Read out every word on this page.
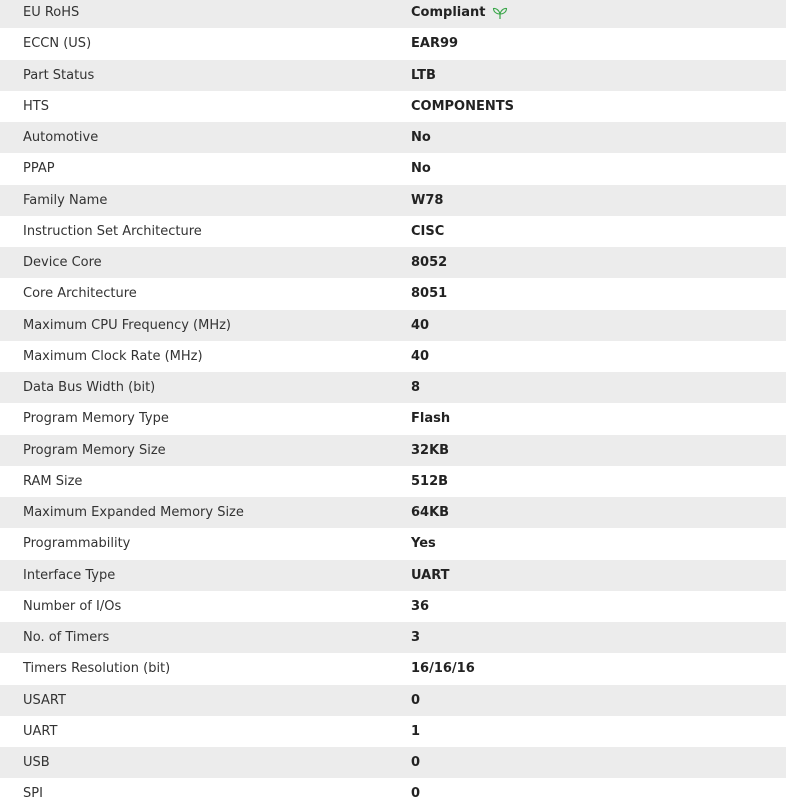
EU RoHS	Compliant
ECCN (US)	EAR99
Part Status	LTB
HTS	COMPONENTS
Automotive	No
PPAP	No
Family Name	W78
Instruction Set Architecture	CISC
Device Core	8052
Core Architecture	8051
Maximum CPU Frequency (MHz)	40
Maximum Clock Rate (MHz)	40
Data Bus Width (bit)	8
Program Memory Type	Flash
Program Memory Size	32KB
RAM Size	512B
Maximum Expanded Memory Size	64KB
Programmability	Yes
Interface Type	UART
Number of I/Os	36
No. of Timers	3
Timers Resolution (bit)	16/16/16
USART	0
UART	1
USB	0
SPI	0
